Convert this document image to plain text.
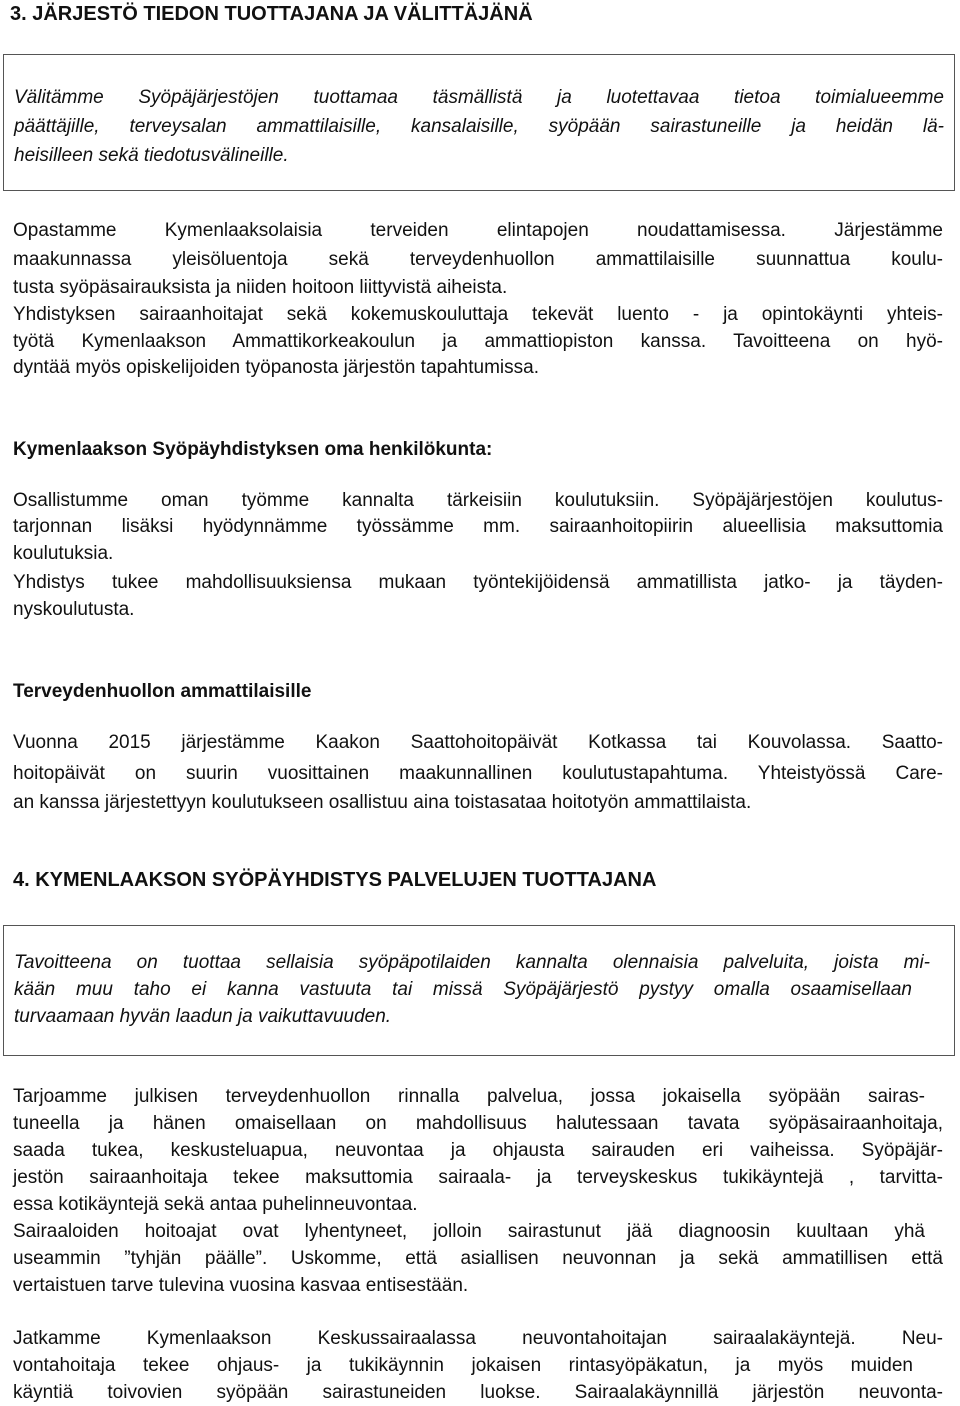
3. JÄRJESTÖ TIEDON TUOTTAJANA JA VÄLITTÄJÄNÄ

Välitämme Syöpäjärjestöjen tuottamaa täsmällistä ja luotettavaa tietoa toimialueemme

päättäjille, terveysalan ammattilaisille, kansalaisille, syöpään sairastuneille ja heidän lä-

heisilleen sekä tiedotusvälineille.

Opastamme Kymenlaaksolaisia terveiden elintapojen noudattamisessa. Järjestämme

maakunnassa yleisöluentoja sekä terveydenhuollon ammattilaisille suunnattua koulu-

tusta syöpäsairauksista ja niiden hoitoon liittyvistä aiheista.

Yhdistyksen sairaanhoitajat sekä kokemuskouluttaja tekevät luento - ja opintokäynti yhteis-

työtä Kymenlaakson Ammattikorkeakoulun ja ammattiopiston kanssa. Tavoitteena on hyö-

dyntää myös opiskelijoiden työpanosta järjestön tapahtumissa.

Kymenlaakson Syöpäyhdistyksen oma henkilökunta:

Osallistumme oman työmme kannalta tärkeisiin koulutuksiin. Syöpäjärjestöjen koulutus-

tarjonnan lisäksi hyödynnämme työssämme mm. sairaanhoitopiirin alueellisia maksuttomia

koulutuksia.

Yhdistys tukee mahdollisuuksiensa mukaan työntekijöidensä ammatillista jatko- ja täyden-

nyskoulutusta.

Terveydenhuollon ammattilaisille

Vuonna 2015 järjestämme Kaakon Saattohoitopäivät Kotkassa tai Kouvolassa. Saatto-

hoitopäivät on suurin vuosittainen maakunnallinen koulutustapahtuma. Yhteistyössä Care-

an kanssa järjestettyyn koulutukseen osallistuu aina toistasataa hoitotyön ammattilaista.

4. KYMENLAAKSON SYÖPÄYHDISTYS PALVELUJEN TUOTTAJANA

Tavoitteena on tuottaa sellaisia syöpäpotilaiden kannalta olennaisia palveluita, joista mi-

kään muu taho ei kanna vastuuta tai missä Syöpäjärjestö pystyy omalla osaamisellaan

turvaamaan hyvän laadun ja vaikuttavuuden.

Tarjoamme julkisen terveydenhuollon rinnalla palvelua, jossa jokaisella syöpään sairas-

tuneella ja hänen omaisellaan on mahdollisuus halutessaan tavata syöpäsairaanhoitaja,

saada tukea, keskusteluapua, neuvontaa ja ohjausta sairauden eri vaiheissa. Syöpäjär-

jestön sairaanhoitaja tekee maksuttomia sairaala- ja terveyskeskus tukikäyntejä , tarvitta-

essa kotikäyntejä sekä antaa puhelinneuvontaa.

Sairaaloiden hoitoajat ovat lyhentyneet, jolloin sairastunut jää diagnoosin kuultaan yhä

useammin ”tyhjän päälle”. Uskomme, että asiallisen neuvonnan ja sekä ammatillisen että

vertaistuen tarve tulevina vuosina kasvaa entisestään.

Jatkamme Kymenlaakson Keskussairaalassa neuvontahoitajan sairaalakäyntejä. Neu-

vontahoitaja tekee ohjaus- ja tukikäynnin jokaisen rintasyöpäkatun, ja myös muiden

käyntiä toivovien syöpään sairastuneiden luokse. Sairaalakäynnillä järjestön neuvonta-
